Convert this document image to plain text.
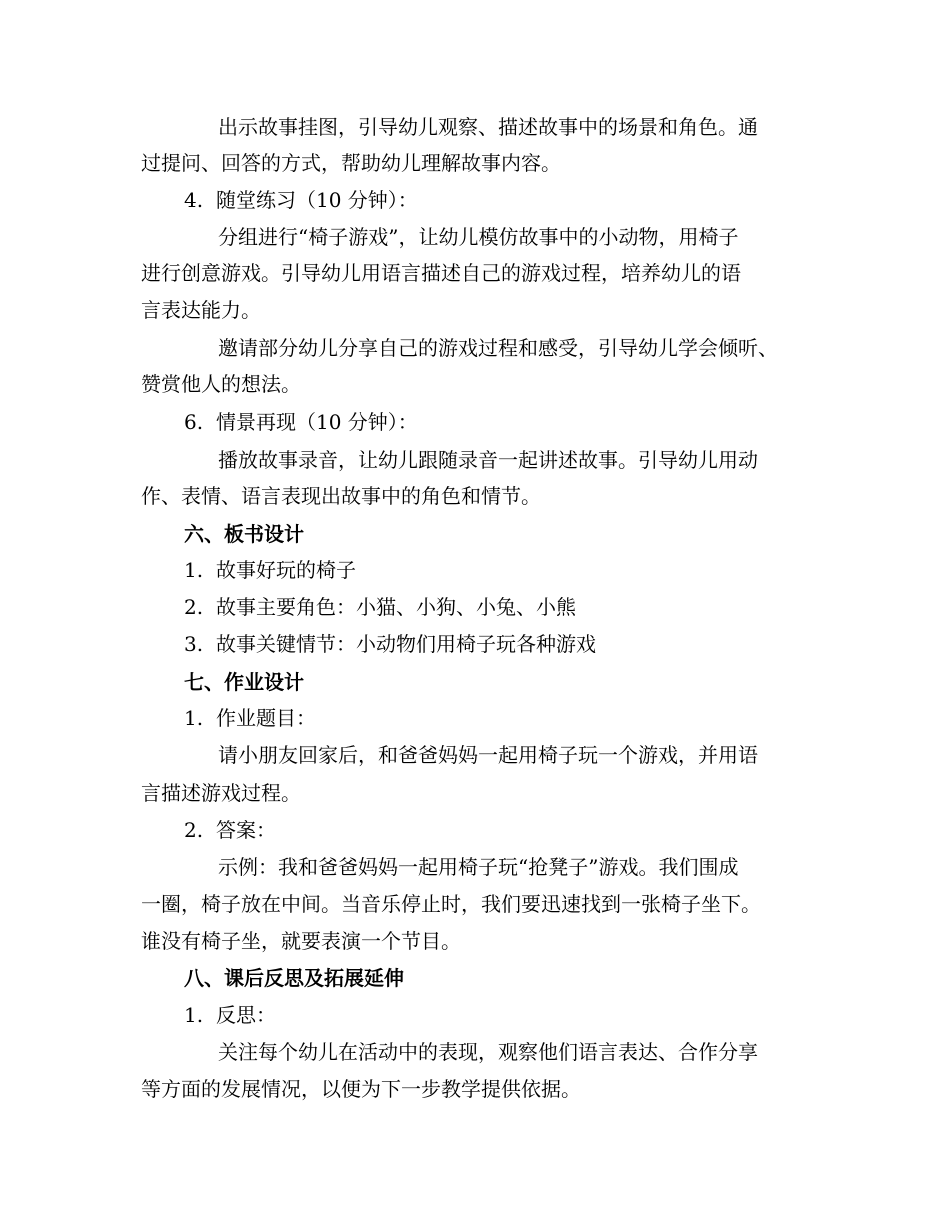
出示故事挂图，引导幼儿观察、描述故事中的场景和角色。通
过提问、回答的方式，帮助幼儿理解故事内容。
4. 随堂练习（10 分钟）：
分组进行“椅子游戏”，让幼儿模仿故事中的小动物，用椅子
进行创意游戏。引导幼儿用语言描述自己的游戏过程，培养幼儿的语
言表达能力。
邀请部分幼儿分享自己的游戏过程和感受，引导幼儿学会倾听、
赞赏他人的想法。
6. 情景再现（10 分钟）：
播放故事录音，让幼儿跟随录音一起讲述故事。引导幼儿用动
作、表情、语言表现出故事中的角色和情节。
六、板书设计
1. 故事好玩的椅子
2. 故事主要角色：小猫、小狗、小兔、小熊
3. 故事关键情节：小动物们用椅子玩各种游戏
七、作业设计
1. 作业题目：
请小朋友回家后，和爸爸妈妈一起用椅子玩一个游戏，并用语
言描述游戏过程。
2. 答案：
示例：我和爸爸妈妈一起用椅子玩“抢凳子”游戏。我们围成
一圈，椅子放在中间。当音乐停止时，我们要迅速找到一张椅子坐下。
谁没有椅子坐，就要表演一个节目。
八、课后反思及拓展延伸
1. 反思：
关注每个幼儿在活动中的表现，观察他们语言表达、合作分享
等方面的发展情况，以便为下一步教学提供依据。
